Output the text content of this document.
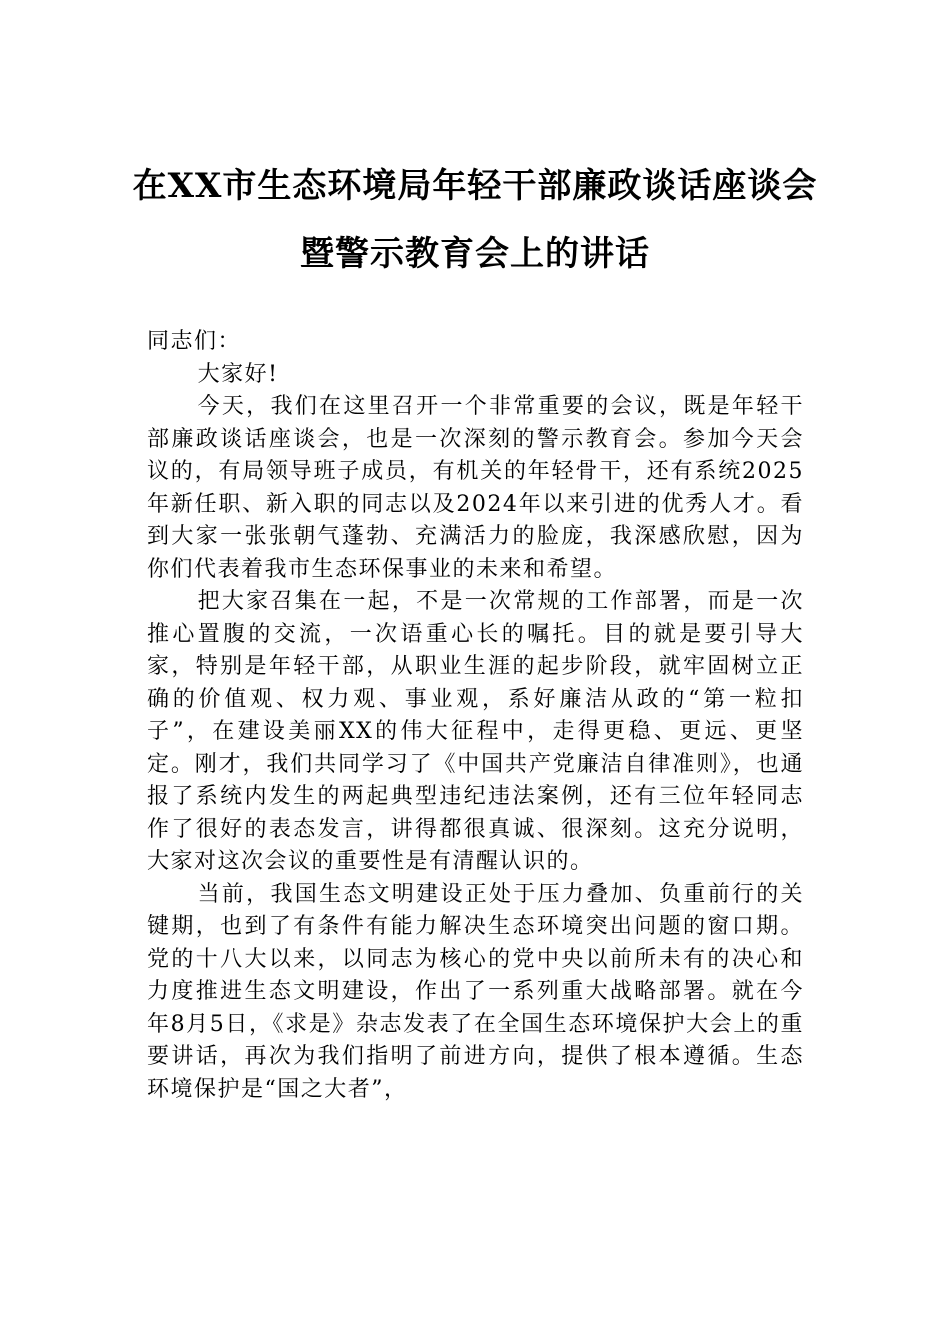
在XX市生态环境局年轻干部廉政谈话座谈会暨警示教育会上的讲话

同志们：

大家好!

今天，我们在这里召开一个非常重要的会议，既是年轻干部廉政谈话座谈会，也是一次深刻的警示教育会。参加今天会议的，有局领导班子成员，有机关的年轻骨干，还有系统2025年新任职、新入职的同志以及2024年以来引进的优秀人才。看到大家一张张朝气蓬勃、充满活力的脸庞，我深感欣慰，因为你们代表着我市生态环保事业的未来和希望。

把大家召集在一起，不是一次常规的工作部署，而是一次推心置腹的交流，一次语重心长的嘱托。目的就是要引导大家，特别是年轻干部，从职业生涯的起步阶段，就牢固树立正确的价值观、权力观、事业观，系好廉洁从政的“第一粒扣子”，在建设美丽XX的伟大征程中，走得更稳、更远、更坚定。刚才，我们共同学习了《中国共产党廉洁自律准则》，也通报了系统内发生的两起典型违纪违法案例，还有三位年轻同志作了很好的表态发言，讲得都很真诚、很深刻。这充分说明，大家对这次会议的重要性是有清醒认识的。

当前，我国生态文明建设正处于压力叠加、负重前行的关键期，也到了有条件有能力解决生态环境突出问题的窗口期。党的十八大以来，以同志为核心的党中央以前所未有的决心和力度推进生态文明建设，作出了一系列重大战略部署。就在今年8月5日，《求是》杂志发表了在全国生态环境保护大会上的重要讲话，再次为我们指明了前进方向，提供了根本遵循。生态环境保护是“国之大者”，
